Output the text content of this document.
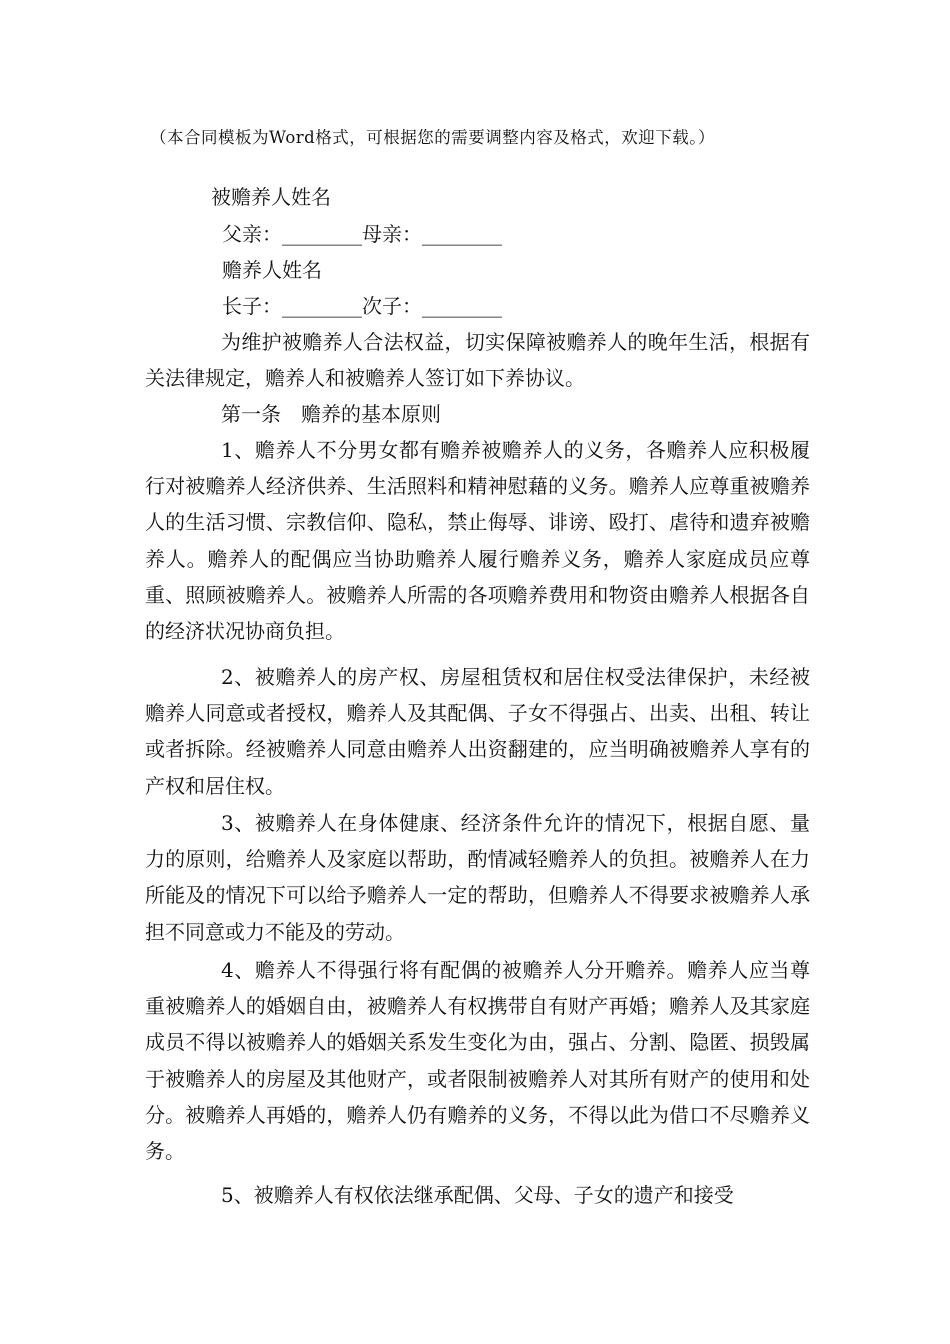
（本合同模板为Word格式，可根据您的需要调整内容及格式，欢迎下载。）
被赡养人姓名
父亲：________母亲：________
赡养人姓名
长子：________次子：________
为维护被赡养人合法权益，切实保障被赡养人的晚年生活，根据有关法律规定，赡养人和被赡养人签订如下养协议。
第一条　赡养的基本原则
1、赡养人不分男女都有赡养被赡养人的义务，各赡养人应积极履行对被赡养人经济供养、生活照料和精神慰藉的义务。赡养人应尊重被赡养人的生活习惯、宗教信仰、隐私，禁止侮辱、诽谤、殴打、虐待和遗弃被赡养人。赡养人的配偶应当协助赡养人履行赡养义务，赡养人家庭成员应尊重、照顾被赡养人。被赡养人所需的各项赡养费用和物资由赡养人根据各自的经济状况协商负担。
2、被赡养人的房产权、房屋租赁权和居住权受法律保护，未经被赡养人同意或者授权，赡养人及其配偶、子女不得强占、出卖、出租、转让或者拆除。经被赡养人同意由赡养人出资翻建的，应当明确被赡养人享有的产权和居住权。
3、被赡养人在身体健康、经济条件允许的情况下，根据自愿、量力的原则，给赡养人及家庭以帮助，酌情减轻赡养人的负担。被赡养人在力所能及的情况下可以给予赡养人一定的帮助，但赡养人不得要求被赡养人承担不同意或力不能及的劳动。
4、赡养人不得强行将有配偶的被赡养人分开赡养。赡养人应当尊重被赡养人的婚姻自由，被赡养人有权携带自有财产再婚；赡养人及其家庭成员不得以被赡养人的婚姻关系发生变化为由，强占、分割、隐匿、损毁属于被赡养人的房屋及其他财产，或者限制被赡养人对其所有财产的使用和处分。被赡养人再婚的，赡养人仍有赡养的义务，不得以此为借口不尽赡养义务。
5、被赡养人有权依法继承配偶、父母、子女的遗产和接受
